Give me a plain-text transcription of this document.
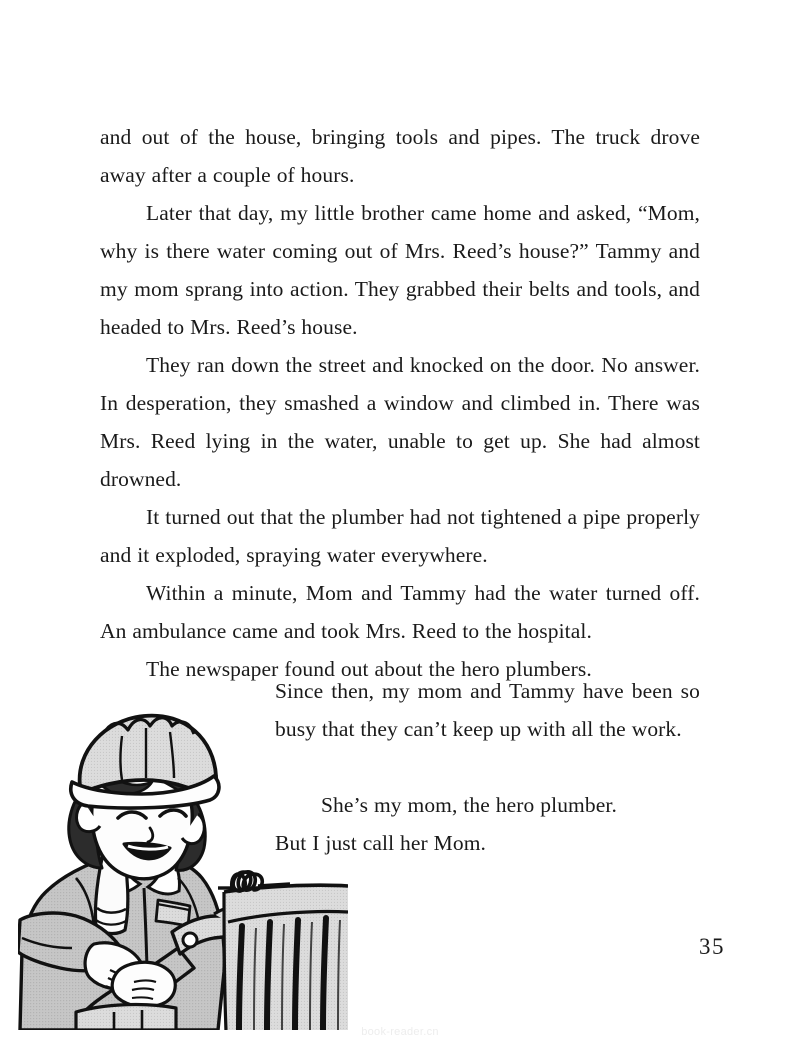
and out of the house, bringing tools and pipes. The truck drove away after a couple of hours.

Later that day, my little brother came home and asked, “Mom, why is there water coming out of Mrs. Reed’s house?” Tammy and my mom sprang into action. They grabbed their belts and tools, and headed to Mrs. Reed’s house.

They ran down the street and knocked on the door. No answer. In desperation, they smashed a window and climbed in. There was Mrs. Reed lying in the water, unable to get up. She had almost drowned.

It turned out that the plumber had not tightened a pipe properly and it exploded, spraying water everywhere.

Within a minute, Mom and Tammy had the water turned off. An ambulance came and took Mrs. Reed to the hospital.

The newspaper found out about the hero plumbers.

Since then, my mom and Tammy have been so busy that they can’t keep up with all the work.

She’s my mom, the hero plumber.

But I just call her Mom.

35
book-reader.cn
